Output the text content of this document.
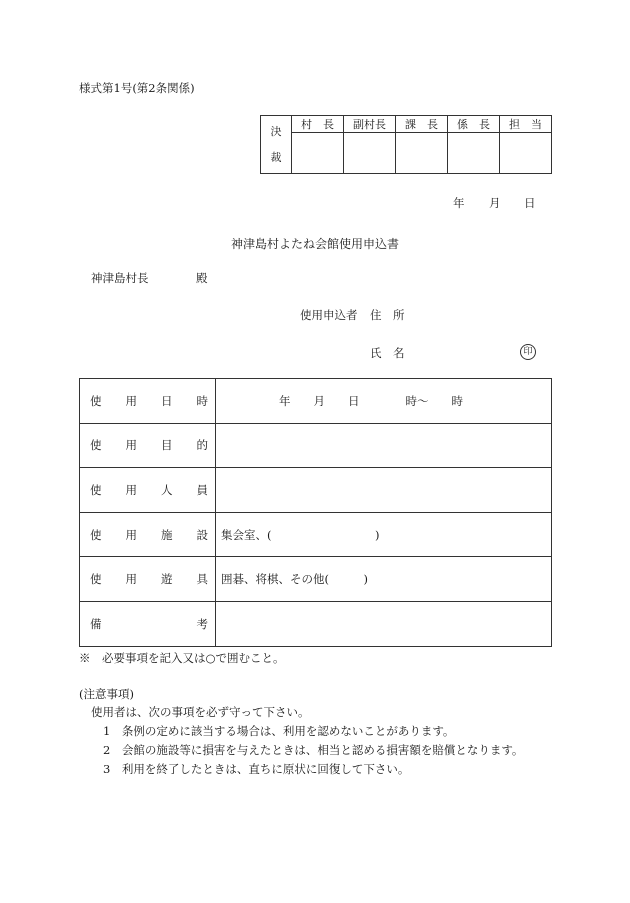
様式第1号(第2条関係)
決
裁	村　長	副村長	課　長	係　長	担　当

年 月 日
神津島村よたね会館使用申込書
神津島村長	殿
使用申込者 住　所
氏　名	印
使 用 日 時	年　　月　　日　　　　時～　　時

使 用 目 的	

使 用 人 員	

使 用 施 設	集会室、(　　　　　　　　　)

使 用 遊 具	囲碁、将棋、その他(　　　)

備 考	

※　必要事項を記入又は○で囲むこと。
(注意事項)
使用者は、次の事項を必ず守って下さい。
1　条例の定めに該当する場合は、利用を認めないことがあります。
2　会館の施設等に損害を与えたときは、相当と認める損害額を賠償となります。
3　利用を終了したときは、直ちに原状に回復して下さい。
